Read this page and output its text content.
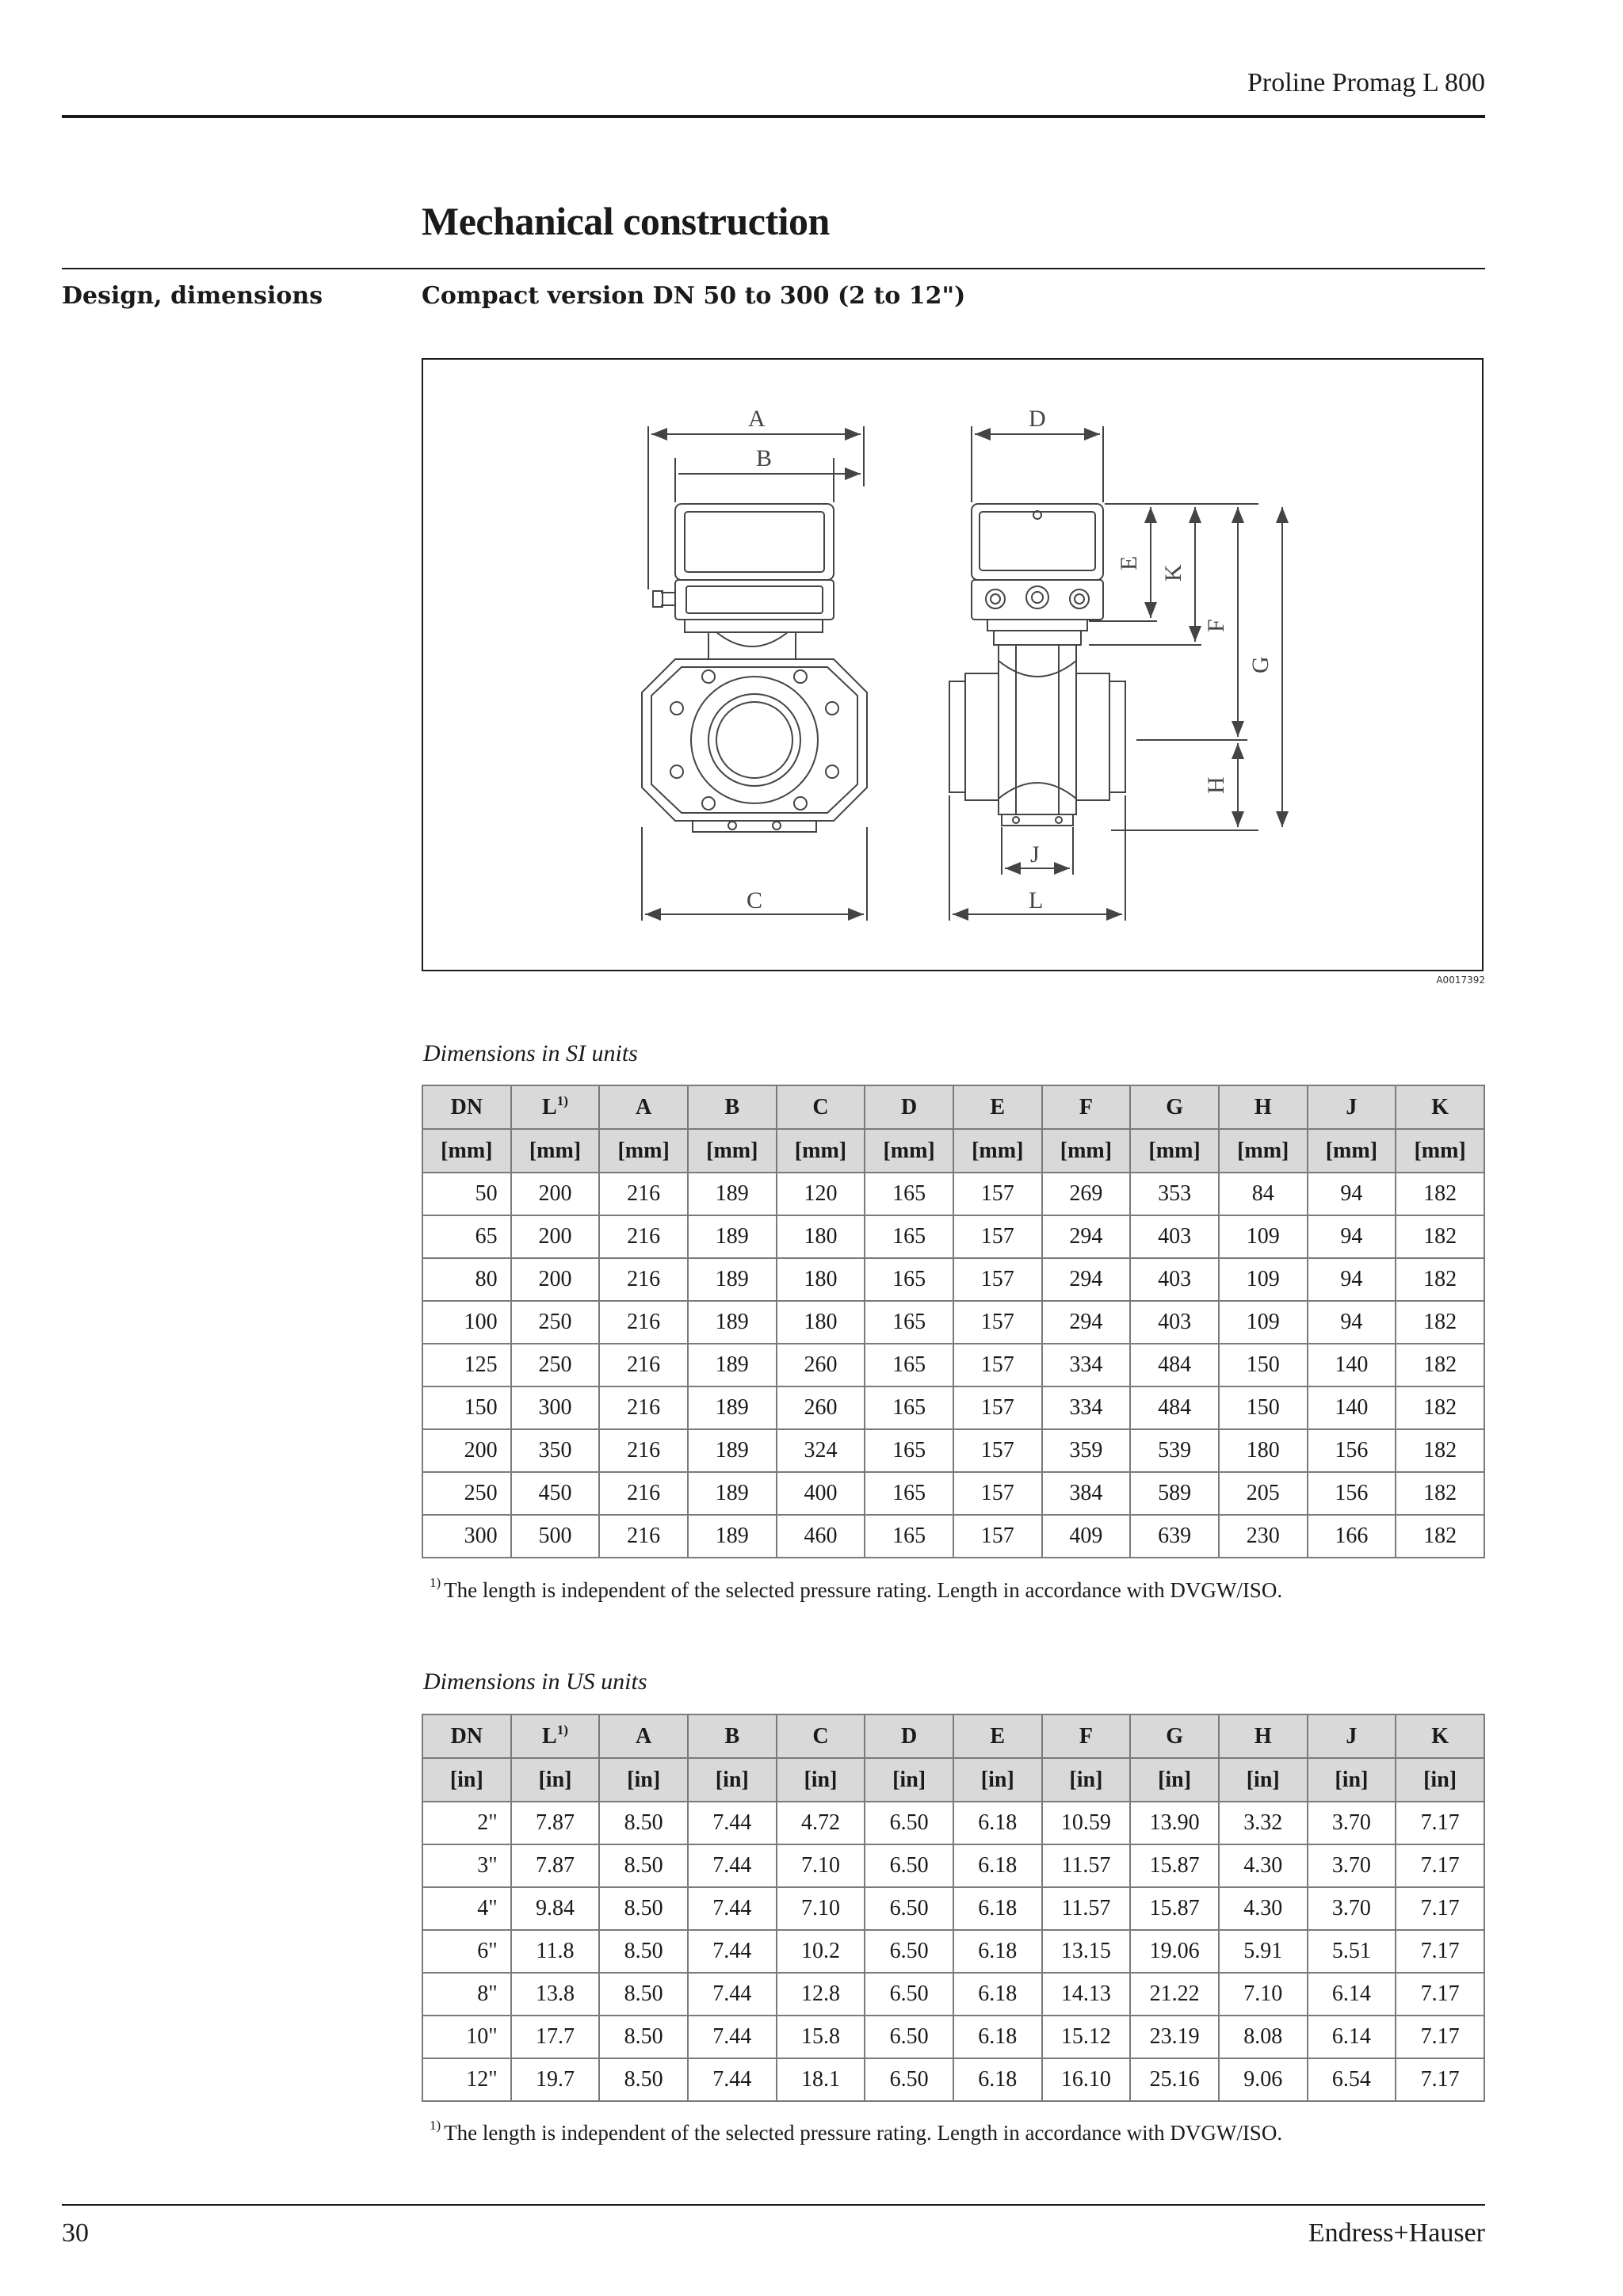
Proline Promag L 800
Mechanical construction
Design, dimensions	Compact version DN 50 to 300 (2 to 12")
A
B
C
D
J
L
E
K
F
H
G
A0017392
Dimensions in SI units
DN	$L^{1)}$	A	B	C	D	E	F	G	H	J	K
[mm]	[mm]	[mm]	[mm]	[mm]	[mm]	[mm]	[mm]	[mm]	[mm]	[mm]	[mm]
50	200	216	189	120	165	157	269	353	84	94	182
65	200	216	189	180	165	157	294	403	109	94	182
80	200	216	189	180	165	157	294	403	109	94	182
100	250	216	189	180	165	157	294	403	109	94	182
125	250	216	189	260	165	157	334	484	150	140	182
150	300	216	189	260	165	157	334	484	150	140	182
200	350	216	189	324	165	157	359	539	180	156	182
250	450	216	189	400	165	157	384	589	205	156	182
300	500	216	189	460	165	157	409	639	230	166	182
$^{1)}$ The length is independent of the selected pressure rating. Length in accordance with DVGW/ISO.
Dimensions in US units
DN	$L^{1)}$	A	B	C	D	E	F	G	H	J	K
[in]	[in]	[in]	[in]	[in]	[in]	[in]	[in]	[in]	[in]	[in]	[in]
2"	7.87	8.50	7.44	4.72	6.50	6.18	10.59	13.90	3.32	3.70	7.17
3"	7.87	8.50	7.44	7.10	6.50	6.18	11.57	15.87	4.30	3.70	7.17
4"	9.84	8.50	7.44	7.10	6.50	6.18	11.57	15.87	4.30	3.70	7.17
6"	11.8	8.50	7.44	10.2	6.50	6.18	13.15	19.06	5.91	5.51	7.17
8"	13.8	8.50	7.44	12.8	6.50	6.18	14.13	21.22	7.10	6.14	7.17
10"	17.7	8.50	7.44	15.8	6.50	6.18	15.12	23.19	8.08	6.14	7.17
12"	19.7	8.50	7.44	18.1	6.50	6.18	16.10	25.16	9.06	6.54	7.17
$^{1)}$ The length is independent of the selected pressure rating. Length in accordance with DVGW/ISO.
30	Endress+Hauser
